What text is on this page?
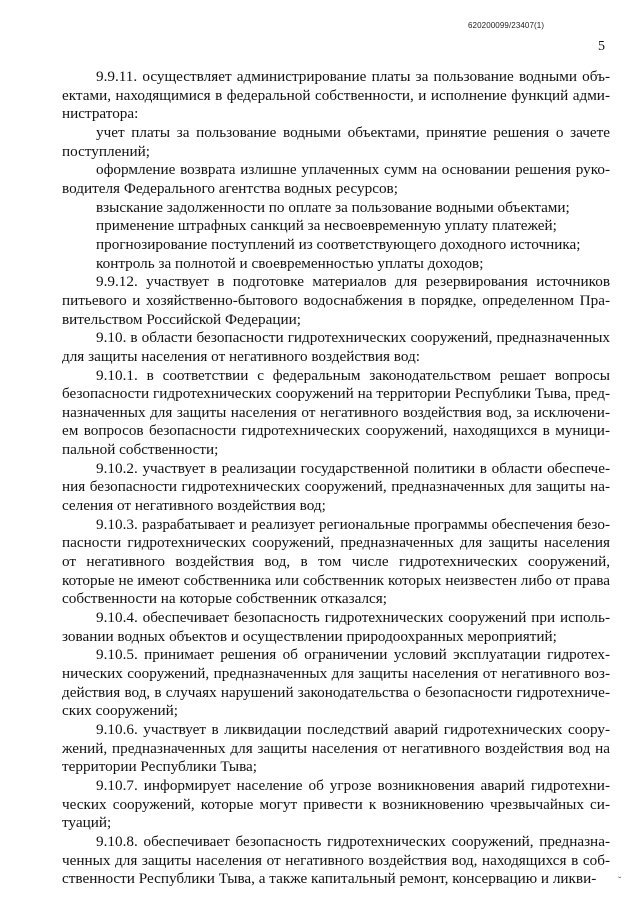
620200099/23407(1)
5

9.9.11. осуществляет администрирование платы за пользование водными объектами, находящимися в федеральной собственности, и исполнение функций администратора:

учет платы за пользование водными объектами, принятие решения о зачете поступлений;

оформление возврата излишне уплаченных сумм на основании решения руководителя Федерального агентства водных ресурсов;

взыскание задолженности по оплате за пользование водными объектами;

применение штрафных санкций за несвоевременную уплату платежей;

прогнозирование поступлений из соответствующего доходного источника;

контроль за полнотой и своевременностью уплаты доходов;

9.9.12. участвует в подготовке материалов для резервирования источников питьевого и хозяйственно-бытового водоснабжения в порядке, определенном Правительством Российской Федерации;

9.10. в области безопасности гидротехнических сооружений, предназначенных для защиты населения от негативного воздействия вод:

9.10.1. в соответствии с федеральным законодательством решает вопросы безопасности гидротехнических сооружений на территории Республики Тыва, предназначенных для защиты населения от негативного воздействия вод, за исключением вопросов безопасности гидротехнических сооружений, находящихся в муниципальной собственности;

9.10.2. участвует в реализации государственной политики в области обеспечения безопасности гидротехнических сооружений, предназначенных для защиты населения от негативного воздействия вод;

9.10.3. разрабатывает и реализует региональные программы обеспечения безопасности гидротехнических сооружений, предназначенных для защиты населения от негативного воздействия вод, в том числе гидротехнических сооружений, которые не имеют собственника или собственник которых неизвестен либо от права собственности на которые собственник отказался;

9.10.4. обеспечивает безопасность гидротехнических сооружений при использовании водных объектов и осуществлении природоохранных мероприятий;

9.10.5. принимает решения об ограничении условий эксплуатации гидротехнических сооружений, предназначенных для защиты населения от негативного воздействия вод, в случаях нарушений законодательства о безопасности гидротехнических сооружений;

9.10.6. участвует в ликвидации последствий аварий гидротехнических сооружений, предназначенных для защиты населения от негативного воздействия вод на территории Республики Тыва;

9.10.7. информирует население об угрозе возникновения аварий гидротехнических сооружений, которые могут привести к возникновению чрезвычайных ситуаций;

9.10.8. обеспечивает безопасность гидротехнических сооружений, предназначенных для защиты населения от негативного воздействия вод, находящихся в собственности Республики Тыва, а также капитальный ремонт, консервацию и ликви-	ˇ
